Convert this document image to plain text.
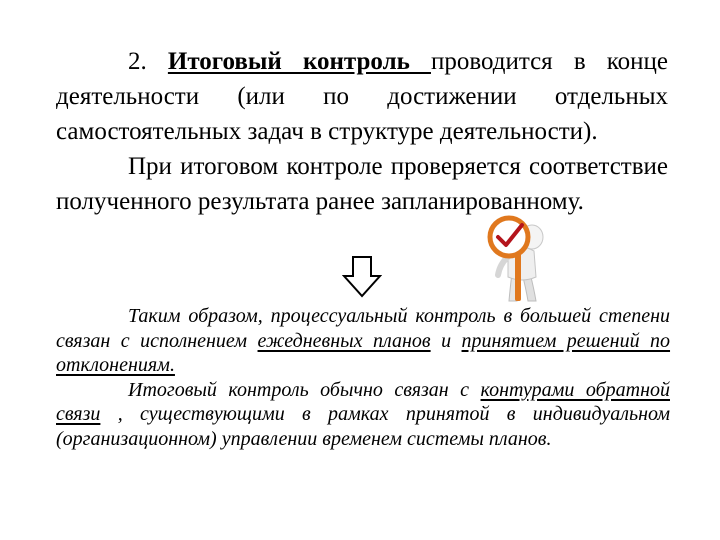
2. Итоговый контроль проводится в конце деятельности (или по достижении отдельных самостоятельных задач в структуре деятельности).

При итоговом контроле проверяется соответствие полученного результата ранее запланированному.

Таким образом, процессуальный контроль в большей степени связан с исполнением ежедневных планов и принятием решений по отклонениям.

Итоговый контроль обычно связан с контурами обратной связи , существующими в рамках принятой в индивидуальном (организационном) управлении временем системы планов.
